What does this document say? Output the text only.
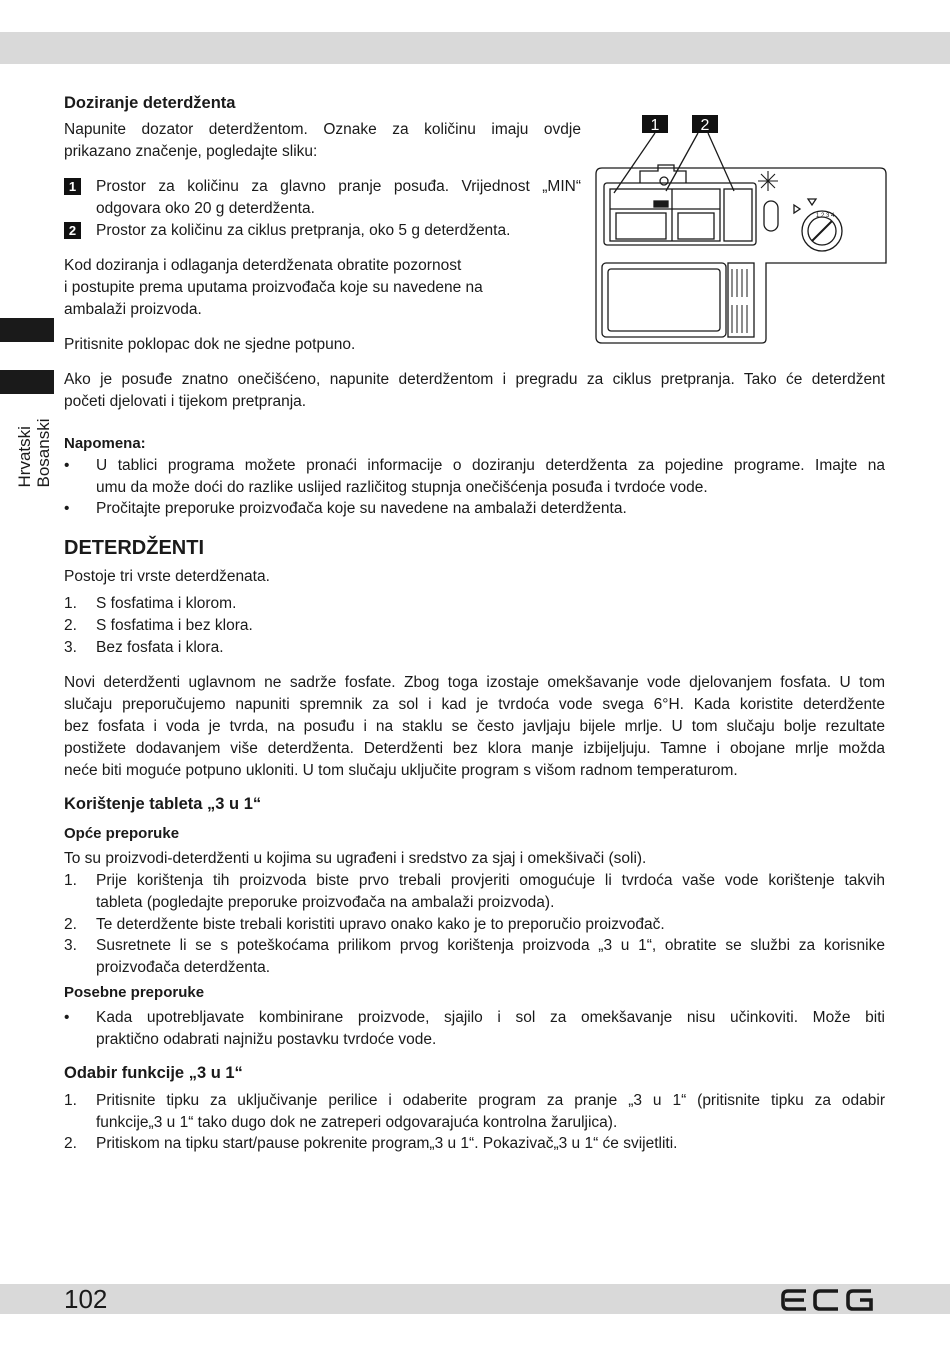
Hrvatski Bosanski
Doziranje deterdženta
Napunite dozator deterdžentom. Oznake za količinu imaju ovdje
prikazano značenje, pogledajte sliku:
1	Prostor za količinu za glavno pranje posuđa. Vrijednost „MIN“
odgovara oko 20 g deterdženta.
2	Prostor za količinu za ciklus pretpranja, oko 5 g deterdženta.
Kod doziranja i odlaganja deterdženata obratite pozornost
i postupite prema uputama proizvođača koje su navedene na
ambalaži proizvoda.
Pritisnite poklopac dok ne sjedne potpuno.
Ako je posuđe znatno onečišćeno, napunite deterdžentom i pregradu za ciklus pretpranja. Tako će deterdžent
početi djelovati i tijekom pretpranja.
1	2
1 2 3 4
Napomena:
• U tablici programa možete pronaći informacije o doziranju deterdženta za pojedine programe. Imajte na
umu da može doći do razlike uslijed različitog stupnja onečišćenja posuđa i tvrdoće vode.
• Pročitajte preporuke proizvođača koje su navedene na ambalaži deterdženta.
DETERDŽENTI
Postoje tri vrste deterdženata.
1. S fosfatima i klorom.
2. S fosfatima i bez klora.
3. Bez fosfata i klora.
Novi deterdženti uglavnom ne sadrže fosfate. Zbog toga izostaje omekšavanje vode djelovanjem fosfata. U tom
slučaju preporučujemo napuniti spremnik za sol i kad je tvrdoća vode svega 6°H. Kada koristite deterdžente
bez fosfata i voda je tvrda, na posuđu i na staklu se često javljaju bijele mrlje. U tom slučaju bolje rezultate
postižete dodavanjem više deterdženta. Deterdženti bez klora manje izbijeljuju. Tamne i obojane mrlje možda
neće biti moguće potpuno ukloniti. U tom slučaju uključite program s višom radnom temperaturom.
Korištenje tableta „3 u 1“
Opće preporuke
To su proizvodi-deterdženti u kojima su ugrađeni i sredstvo za sjaj i omekšivači (soli).
1. Prije korištenja tih proizvoda biste prvo trebali provjeriti omogućuje li tvrdoća vaše vode korištenje takvih
tableta (pogledajte preporuke proizvođača na ambalaži proizvoda).
2. Te deterdžente biste trebali koristiti upravo onako kako je to preporučio proizvođač.
3. Susretnete li se s poteškoćama prilikom prvog korištenja proizvoda „3 u 1“, obratite se službi za korisnike
proizvođača deterdženta.
Posebne preporuke
• Kada upotrebljavate kombinirane proizvode, sjajilo i sol za omekšavanje nisu učinkoviti. Može biti
praktično odabrati najnižu postavku tvrdoće vode.
Odabir funkcije „3 u 1“
1. Pritisnite tipku za uključivanje perilice i odaberite program za pranje „3 u 1“ (pritisnite tipku za odabir
funkcije„3 u 1“ tako dugo dok ne zatreperi odgovarajuća kontrolna žaruljica).
2. Pritiskom na tipku start/pause pokrenite program„3 u 1“. Pokazivač„3 u 1“ će svijetliti.
102
